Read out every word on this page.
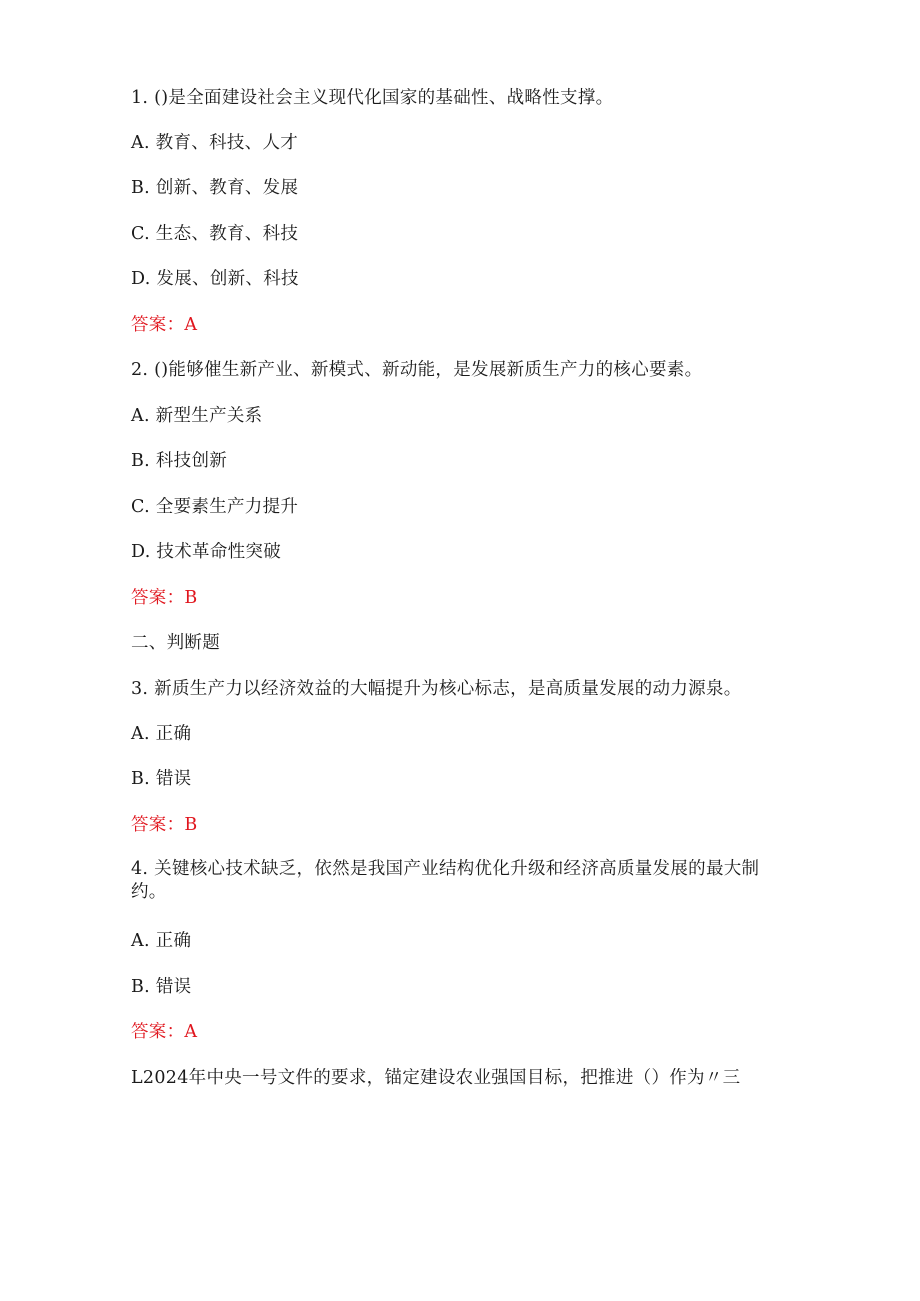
1. ()是全面建设社会主义现代化国家的基础性、战略性支撑。
A. 教育、科技、人才
B. 创新、教育、发展
C. 生态、教育、科技
D. 发展、创新、科技
答案：A
2. ()能够催生新产业、新模式、新动能，是发展新质生产力的核心要素。
A. 新型生产关系
B. 科技创新
C. 全要素生产力提升
D. 技术革命性突破
答案：B
二、判断题
3. 新质生产力以经济效益的大幅提升为核心标志，是高质量发展的动力源泉。
A. 正确
B. 错误
答案：B
4. 关键核心技术缺乏，依然是我国产业结构优化升级和经济高质量发展的最大制约。
A. 正确
B. 错误
答案：A
L2024年中央一号文件的要求，锚定建设农业强国目标，把推进（）作为〃三
